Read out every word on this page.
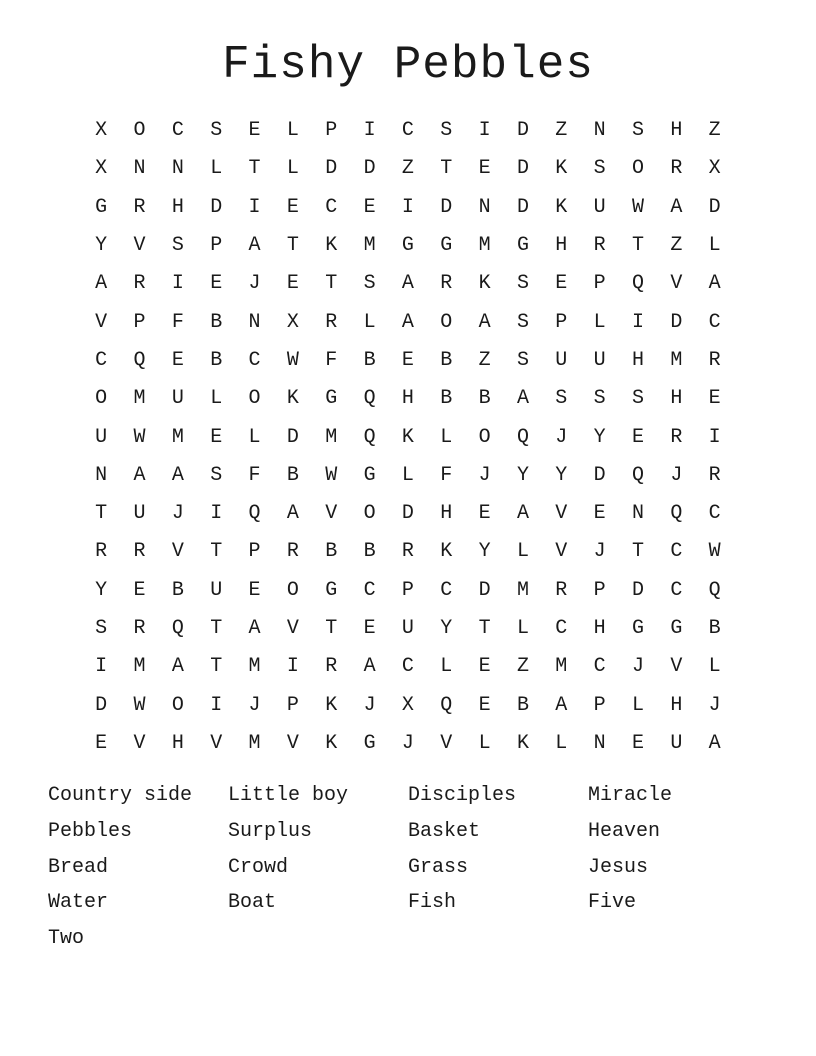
Fishy Pebbles
X	O	C	S	E	L	P	I	C	S	I	D	Z	N	S	H	Z
X	N	N	L	T	L	D	D	Z	T	E	D	K	S	O	R	X
G	R	H	D	I	E	C	E	I	D	N	D	K	U	W	A	D
Y	V	S	P	A	T	K	M	G	G	M	G	H	R	T	Z	L
A	R	I	E	J	E	T	S	A	R	K	S	E	P	Q	V	A
V	P	F	B	N	X	R	L	A	O	A	S	P	L	I	D	C
C	Q	E	B	C	W	F	B	E	B	Z	S	U	U	H	M	R
O	M	U	L	O	K	G	Q	H	B	B	A	S	S	S	H	E
U	W	M	E	L	D	M	Q	K	L	O	Q	J	Y	E	R	I
N	A	A	S	F	B	W	G	L	F	J	Y	Y	D	Q	J	R
T	U	J	I	Q	A	V	O	D	H	E	A	V	E	N	Q	C
R	R	V	T	P	R	B	B	R	K	Y	L	V	J	T	C	W
Y	E	B	U	E	O	G	C	P	C	D	M	R	P	D	C	Q
S	R	Q	T	A	V	T	E	U	Y	T	L	C	H	G	G	B
I	M	A	T	M	I	R	A	C	L	E	Z	M	C	J	V	L
D	W	O	I	J	P	K	J	X	Q	E	B	A	P	L	H	J
E	V	H	V	M	V	K	G	J	V	L	K	L	N	E	U	A
Country side	Little boy	Disciples	Miracle
Pebbles	Surplus	Basket	Heaven
Bread	Crowd	Grass	Jesus
Water	Boat	Fish	Five
Two
